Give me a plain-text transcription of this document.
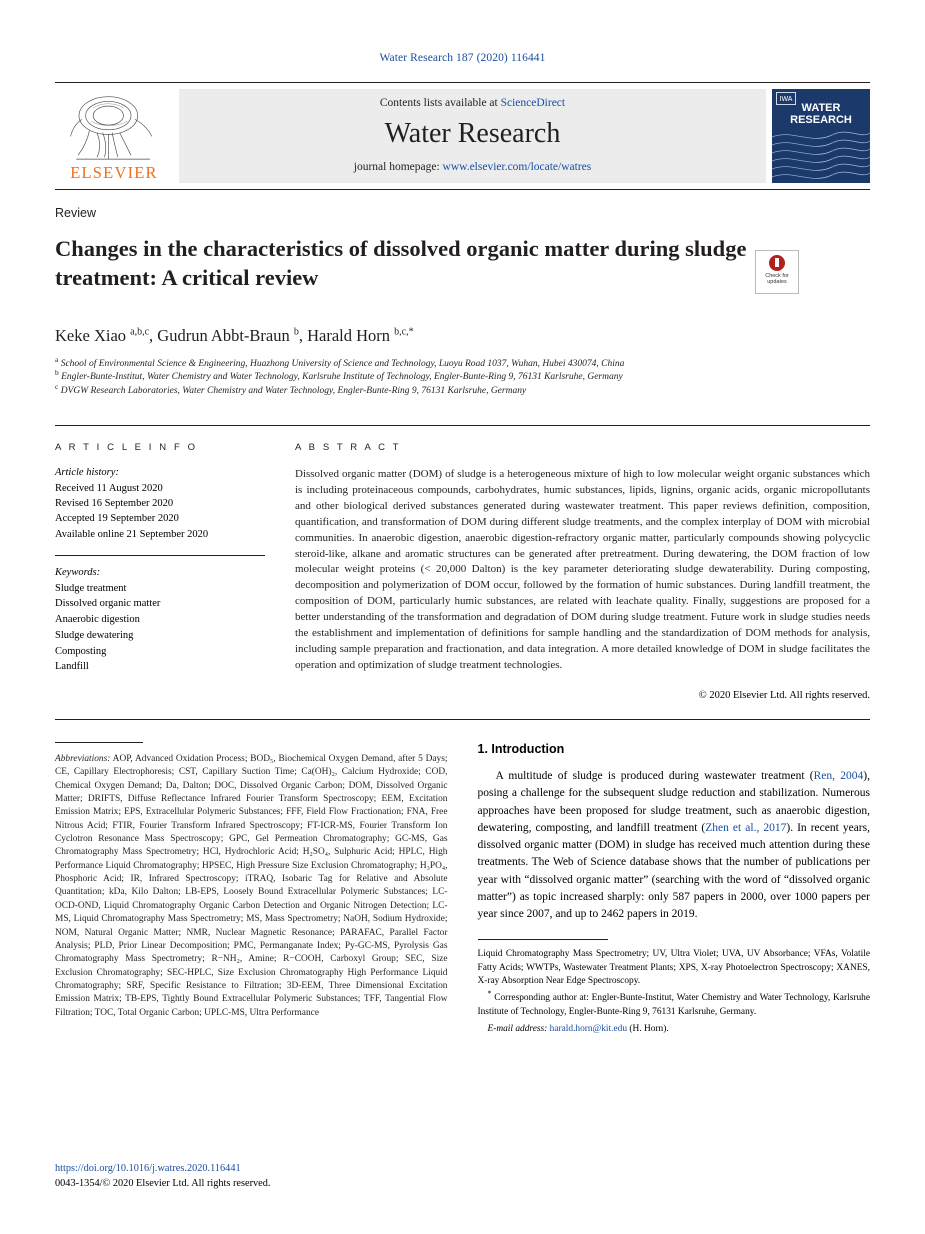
Water Research 187 (2020) 116441
ELSEVIER
Contents lists available at ScienceDirect
Water Research
journal homepage: www.elsevier.com/locate/watres
IWA
WATER
RESEARCH
Review
Changes in the characteristics of dissolved organic matter during sludge treatment: A critical review	Check for updates
Keke Xiao $^{a,b,c}$, Gudrun Abbt-Braun $^b$, Harald Horn $^{b,c,*}$
$^a$ School of Environmental Science & Engineering, Huazhong University of Science and Technology, Luoyu Road 1037, Wuhan, Hubei 430074, China
$^b$ Engler-Bunte-Institut, Water Chemistry and Water Technology, Karlsruhe Institute of Technology, Engler-Bunte-Ring 9, 76131 Karlsruhe, Germany
$^c$ DVGW Research Laboratories, Water Chemistry and Water Technology, Engler-Bunte-Ring 9, 76131 Karlsruhe, Germany
A R T I C L E I N F O
Article history:
Received 11 August 2020
Revised 16 September 2020
Accepted 19 September 2020
Available online 21 September 2020
Keywords:
Sludge treatment
Dissolved organic matter
Anaerobic digestion
Sludge dewatering
Composting
Landfill
A B S T R A C T
Dissolved organic matter (DOM) of sludge is a heterogeneous mixture of high to low molecular weight organic substances which is including proteinaceous compounds, carbohydrates, humic substances, lipids, lignins, organic acids, organic micropollutants and other biological derived substances generated during wastewater treatment. This paper reviews definition, composition, quantification, and transformation of DOM during different sludge treatments, and the complex interplay of DOM with microbial communities. In anaerobic digestion, anaerobic digestion-refractory organic matter, particularly compounds showing polycyclic steroid-like, alkane and aromatic structures can be generated after pretreatment. During dewatering, the DOM fraction of low molecular weight proteins (< 20,000 Dalton) is the key parameter deteriorating sludge dewaterability. During composting, decomposition and polymerization of DOM occur, followed by the formation of humic substances. During landfill treatment, the composition of DOM, particularly humic substances, are related with leachate quality. Finally, suggestions are proposed for a better understanding of the transformation and degradation of DOM during sludge treatment. Future work in sludge studies needs the establishment and implementation of definitions for sample handling and the standardization of DOM methods for analysis, including sample preparation and fractionation, and data integration. A more detailed knowledge of DOM in sludge facilitates the operation and optimization of sludge treatment technologies.
© 2020 Elsevier Ltd. All rights reserved.
Abbreviations: AOP, Advanced Oxidation Process; BOD₅, Biochemical Oxygen Demand, after 5 Days; CE, Capillary Electrophoresis; CST, Capillary Suction Time; Ca(OH)₂, Calcium Hydroxide; COD, Chemical Oxygen Demand; Da, Dalton; DOC, Dissolved Organic Carbon; DOM, Dissolved Organic Matter; DRIFTS, Diffuse Reflectance Infrared Fourier Transform Spectroscopy; EEM, Excitation Emission Matrix; EPS, Extracellular Polymeric Substances; FFF, Field Flow Fractionation; FNA, Free Nitrous Acid; FTIR, Fourier Transform Infrared Spectroscopy; FT-ICR-MS, Fourier Transform Ion Cyclotron Resonance Mass Spectroscopy; GPC, Gel Permeation Chromatography; GC-MS, Gas Chromatography Mass Spectrometry; HCl, Hydrochloric Acid; H₂SO₄, Sulphuric Acid; HPLC, High Performance Liquid Chromatography; HPSEC, High Pressure Size Exclusion Chromatography; H₃PO₄, Phosphoric Acid; IR, Infrared Spectroscopy; iTRAQ, Isobaric Tag for Relative and Absolute Quantitation; kDa, Kilo Dalton; LB-EPS, Loosely Bound Extracellular Polymeric Substances; LC-OCD-OND, Liquid Chromatography Organic Carbon Detection and Organic Nitrogen Detection; LC-MS, Liquid Chromatography Mass Spectrometry; MS, Mass Spectrometry; NaOH, Sodium Hydroxide; NOM, Natural Organic Matter; NMR, Nuclear Magnetic Resonance; PARAFAC, Parallel Factor Analysis; PLD, Prior Linear Decomposition; PMC, Permanganate Index; Py-GC-MS, Pyrolysis Gas Chromatography Mass Spectrometry; R−NH₂, Amine; R−COOH, Carboxyl Group; SEC, Size Exclusion Chromatography; SEC-HPLC, Size Exclusion Chromatography High Performance Liquid Chromatography; SRF, Specific Resistance to Filtration; 3D-EEM, Three Dimensional Excitation Emission Matrix; TB-EPS, Tightly Bound Extracellular Polymeric Substances; TFF, Tangential Flow Filtration; TOC, Total Organic Carbon; UPLC-MS, Ultra Performance
1. Introduction
A multitude of sludge is produced during wastewater treatment (Ren, 2004), posing a challenge for the subsequent sludge reduction and stabilization. Numerous approaches have been proposed for sludge treatment, such as anaerobic digestion, dewatering, composting, and landfill treatment (Zhen et al., 2017). In recent years, dissolved organic matter (DOM) in sludge has received much attention during these treatments. The Web of Science database shows that the number of publications per year with “dissolved organic matter” (searching with the word of “dissolved organic matter”) as topic increased sharply: only 587 papers in 2000, over 1000 papers per year since 2007, and up to 2462 papers in 2019.
Liquid Chromatography Mass Spectrometry; UV, Ultra Violet; UVA, UV Absorbance; VFAs, Volatile Fatty Acids; WWTPs, Wastewater Treatment Plants; XPS, X-ray Photoelectron Spectroscopy; XANES, X-ray Absorption Near Edge Spectroscopy.
* Corresponding author at: Engler-Bunte-Institut, Water Chemistry and Water Technology, Karlsruhe Institute of Technology, Engler-Bunte-Ring 9, 76131 Karlsruhe, Germany.
E-mail address: harald.horn@kit.edu (H. Horn).
https://doi.org/10.1016/j.watres.2020.116441
0043-1354/© 2020 Elsevier Ltd. All rights reserved.
